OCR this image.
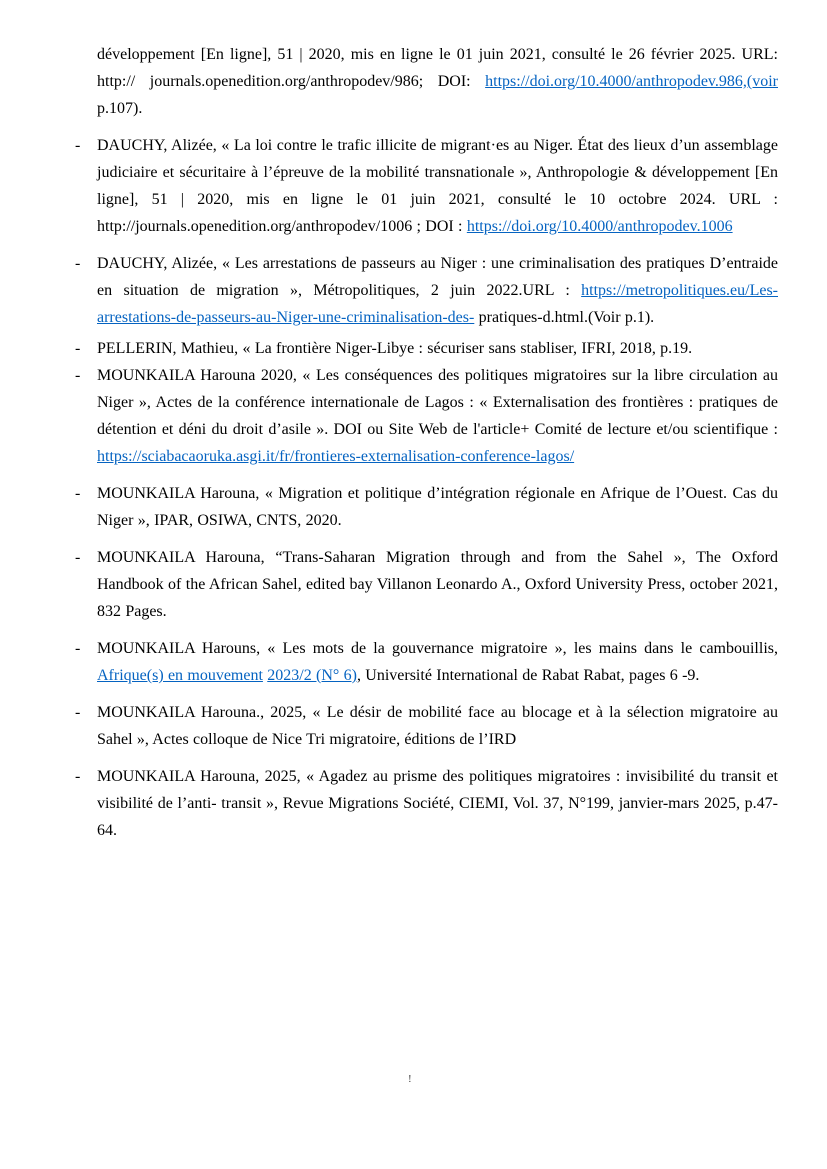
développement [En ligne], 51 | 2020, mis en ligne le 01 juin 2021, consulté le 26 février 2025. URL: http:// journals.openedition.org/anthropodev/986; DOI: https://doi.org/10.4000/anthropodev.986,(voir p.107).
- DAUCHY, Alizée, « La loi contre le trafic illicite de migrant·es au Niger. État des lieux d’un assemblage judiciaire et sécuritaire à l’épreuve de la mobilité transnationale », Anthropologie & développement [En ligne], 51 | 2020, mis en ligne le 01 juin 2021, consulté le 10 octobre 2024. URL : http://journals.openedition.org/anthropodev/1006 ; DOI : https://doi.org/10.4000/anthropodev.1006
- DAUCHY, Alizée, « Les arrestations de passeurs au Niger : une criminalisation des pratiques D’entraide en situation de migration », Métropolitiques, 2 juin 2022.URL : https://metropolitiques.eu/Les-arrestations-de-passeurs-au-Niger-une-criminalisation-des- pratiques-d.html.(Voir p.1).
- PELLERIN, Mathieu, « La frontière Niger-Libye : sécuriser sans stabliser, IFRI, 2018, p.19.
- MOUNKAILA Harouna 2020, « Les conséquences des politiques migratoires sur la libre circulation au Niger », Actes de la conférence internationale de Lagos : « Externalisation des frontières : pratiques de détention et déni du droit d’asile ». DOI ou Site Web de l'article+ Comité de lecture et/ou scientifique : https://sciabacaoruka.asgi.it/fr/frontieres-externalisation-conference-lagos/
- MOUNKAILA Harouna, « Migration et politique d’intégration régionale en Afrique de l’Ouest. Cas du Niger », IPAR, OSIWA, CNTS, 2020.
- MOUNKAILA Harouna, “Trans-Saharan Migration through and from the Sahel », The Oxford Handbook of the African Sahel, edited bay Villanon Leonardo A., Oxford University Press, october 2021, 832 Pages.
- MOUNKAILA Harouns, « Les mots de la gouvernance migratoire », les mains dans le cambouillis, Afrique(s) en mouvement 2023/2 (N° 6), Université International de Rabat Rabat, pages 6 -9.
- MOUNKAILA Harouna., 2025, « Le désir de mobilité face au blocage et à la sélection migratoire au Sahel », Actes colloque de Nice Tri migratoire, éditions de l’IRD
- MOUNKAILA Harouna, 2025, « Agadez au prisme des politiques migratoires : invisibilité du transit et visibilité de l’anti- transit », Revue Migrations Société, CIEMI, Vol. 37, N°199, janvier-mars 2025, p.47-64.
!
